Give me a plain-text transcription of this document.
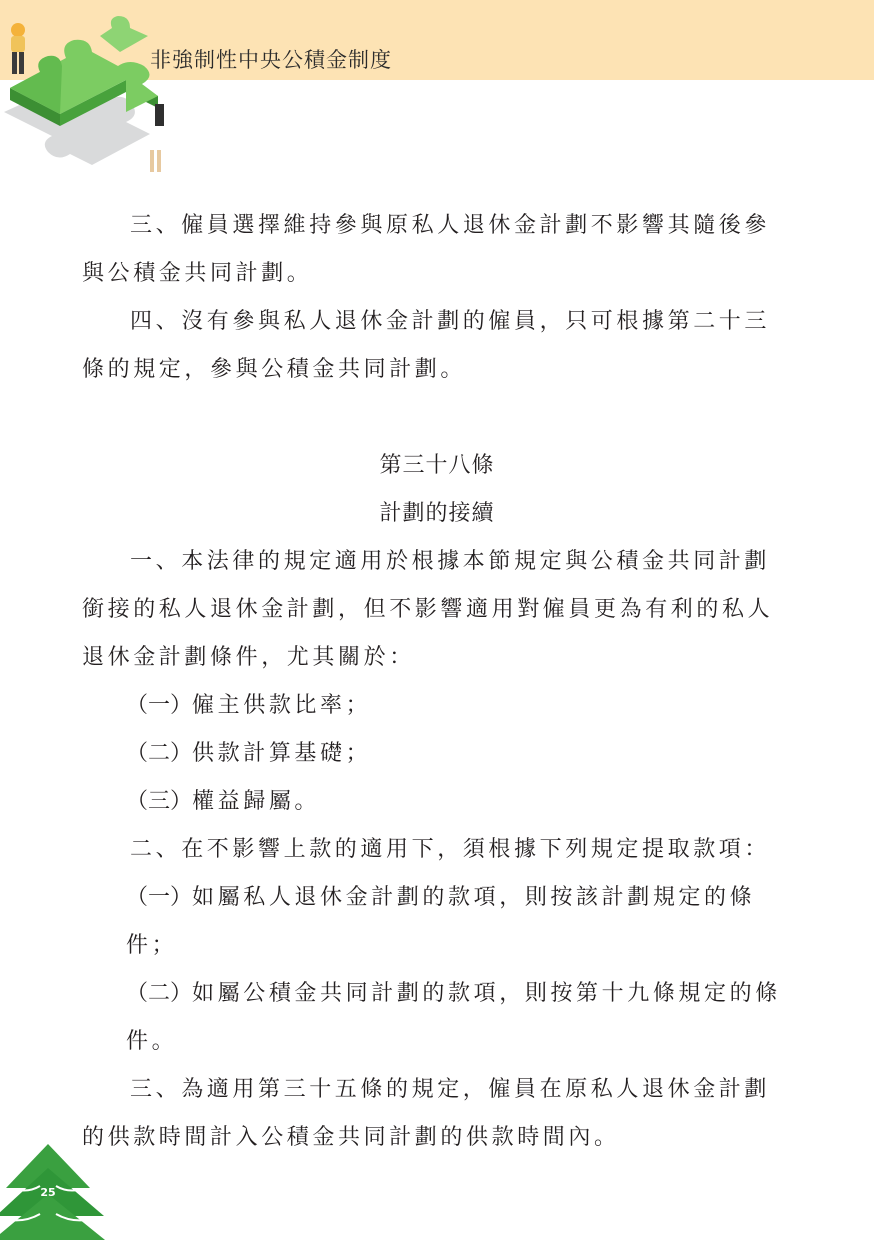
非強制性中央公積金制度

三、僱員選擇維持參與原私人退休金計劃不影響其隨後參與公積金共同計劃。

四、沒有參與私人退休金計劃的僱員，只可根據第二十三條的規定，參與公積金共同計劃。

第三十八條

計劃的接續

一、本法律的規定適用於根據本節規定與公積金共同計劃銜接的私人退休金計劃，但不影響適用對僱員更為有利的私人退休金計劃條件，尤其關於：

（一）僱主供款比率；

（二）供款計算基礎；

（三）權益歸屬。

二、在不影響上款的適用下，須根據下列規定提取款項：

（一）如屬私人退休金計劃的款項，則按該計劃規定的條件；

（二）如屬公積金共同計劃的款項，則按第十九條規定的條件。

三、為適用第三十五條的規定，僱員在原私人退休金計劃的供款時間計入公積金共同計劃的供款時間內。

25
